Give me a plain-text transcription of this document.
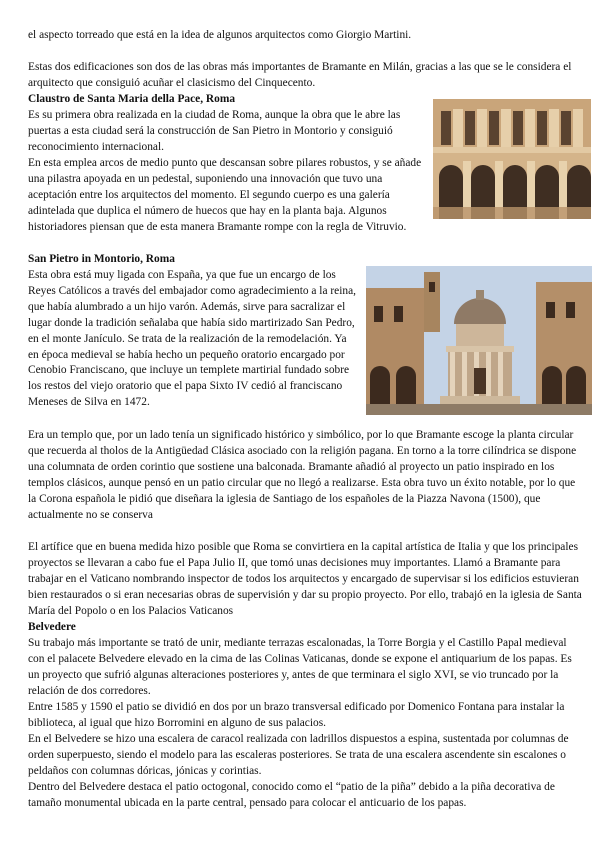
el aspecto torreado que está en la idea de algunos arquitectos como Giorgio Martini.

Estas dos edificaciones son dos de las obras más importantes de Bramante en Milán, gracias a las que se le considera el arquitecto que consiguió acuñar el clasicismo del Cinquecento.

Claustro de Santa Maria della Pace, Roma

Es su primera obra realizada en la ciudad de Roma, aunque la obra que le abre las puertas a esta ciudad será la construcción de San Pietro in Montorio y consiguió reconocimiento internacional.

En esta emplea arcos de medio punto que descansan sobre pilares robustos, y se añade una pilastra apoyada en un pedestal, suponiendo una innovación que tuvo una aceptación entre los arquitectos del momento. El segundo cuerpo es una galería adintelada que duplica el número de huecos que hay en la planta baja. Algunos historiadores piensan que de esta manera Bramante rompe con la regla de Vitruvio.

San Pietro in Montorio, Roma

Esta obra está muy ligada con España, ya que fue un encargo de los Reyes Católicos a través del embajador como agradecimiento a la reina, que había alumbrado a un hijo varón. Además, sirve para sacralizar el lugar donde la tradición señalaba que había sido martirizado San Pedro, en el monte Janículo. Se trata de la realización de la remodelación. Ya en época medieval se había hecho un pequeño oratorio encargado por Cenobio Franciscano, que incluye un templete martirial fundado sobre los restos del viejo oratorio que el papa Sixto IV cedió al franciscano Meneses de Silva en 1472.

Era un templo que, por un lado tenía un significado histórico y simbólico, por lo que Bramante escoge la planta circular que recuerda al tholos de la Antigüedad Clásica asociado con la religión pagana. En torno a la torre cilíndrica se dispone una columnata de orden corintio que sostiene una balconada. Bramante añadió al proyecto un patio inspirado en los templos clásicos, aunque pensó en un patio circular que no llegó a realizarse. Esta obra tuvo un éxito notable, por lo que la Corona española le pidió que diseñara la iglesia de Santiago de los españoles de la Piazza Navona (1500), que actualmente no se conserva

El artífice que en buena medida hizo posible que Roma se convirtiera en la capital artística de Italia y que los principales proyectos se llevaran a cabo fue el Papa Julio II, que tomó unas decisiones muy importantes. Llamó a Bramante para trabajar en el Vaticano nombrando inspector de todos los arquitectos y encargado de supervisar si los edificios estuvieran bien restaurados o si eran necesarias obras de supervisión y dar su propio proyecto. Por ello, trabajó en la iglesia de Santa María del Popolo o en los Palacios Vaticanos

Belvedere

Su trabajo más importante se trató de unir, mediante terrazas escalonadas, la Torre Borgia y el Castillo Papal medieval con el palacete Belvedere elevado en la cima de las Colinas Vaticanas, donde se expone el antiquarium de los papas. Es un proyecto que sufrió algunas alteraciones posteriores y, antes de que terminara el siglo XVI, se vio truncado por la relación de dos corredores.

Entre 1585 y 1590 el patio se dividió en dos por un brazo transversal edificado por Domenico Fontana para instalar la biblioteca, al igual que hizo Borromini en alguno de sus palacios.

En el Belvedere se hizo una escalera de caracol realizada con ladrillos dispuestos a espina, sustentada por columnas de orden superpuesto, siendo el modelo para las escaleras posteriores. Se trata de una escalera ascendente sin escalones o peldaños con columnas dóricas, jónicas y corintias.

Dentro del Belvedere destaca el patio octogonal, conocido como el “patio de la piña” debido a la piña decorativa de tamaño monumental ubicada en la parte central, pensado para colocar el anticuario de los papas.
